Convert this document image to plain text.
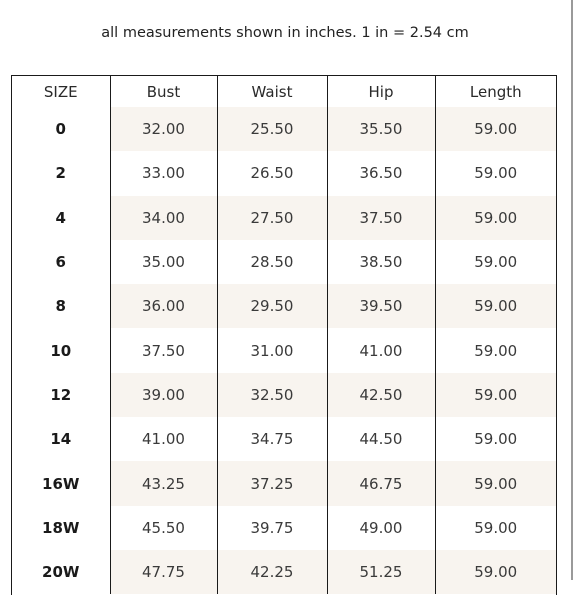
all measurements shown in inches. 1 in = 2.54 cm
SIZE	Bust	Waist	Hip	Length
0	32.00	25.50	35.50	59.00
2	33.00	26.50	36.50	59.00
4	34.00	27.50	37.50	59.00
6	35.00	28.50	38.50	59.00
8	36.00	29.50	39.50	59.00
10	37.50	31.00	41.00	59.00
12	39.00	32.50	42.50	59.00
14	41.00	34.75	44.50	59.00
16W	43.25	37.25	46.75	59.00
18W	45.50	39.75	49.00	59.00
20W	47.75	42.25	51.25	59.00
